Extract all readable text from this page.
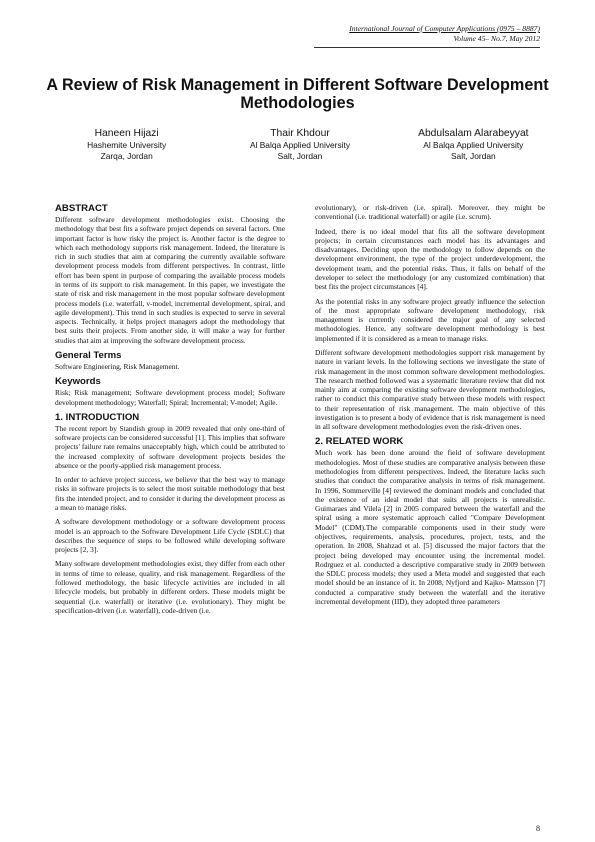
International Journal of Computer Applications (0975 – 8887)
Volume 45– No.7, May 2012
A Review of Risk Management in Different Software Development Methodologies
Haneen Hijazi
Hashemite University
Zarqa, Jordan
Thair Khdour
Al Balqa Applied University
Salt, Jordan
Abdulsalam Alarabeyyat
Al Balqa Applied University
Salt, Jordan
ABSTRACT

Different software development methodologies exist. Choosing the methodology that best fits a software project depends on several factors. One important factor is how risky the project is. Another factor is the degree to which each methodology supports risk management. Indeed, the literature is rich in such studies that aim at comparing the currently available software development process models from different perspectives. In contrast, little effort has been spent in purpose of comparing the available process models in terms of its support to risk management. In this paper, we investigate the state of risk and risk management in the most popular software development process models (i.e. waterfall, v-model, incremental development, spiral, and agile development). This trend in such studies is expected to serve in several aspects. Technically, it helps project managers adopt the methodology that best suits their projects. From another side, it will make a way for further studies that aim at improving the software development process.

General Terms

Software Engineering, Risk Management.

Keywords

Risk; Risk management; Software development process model; Software development methodology; Waterfall; Spiral; Incremental; V-model; Agile.

1. INTRODUCTION

The recent report by Standish group in 2009 revealed that only one-third of software projects can be considered successful [1]. This implies that software projects' failure rate remains unacceptably high, which could be attributed to the increased complexity of software development projects besides the absence or the poorly-applied risk management process.

In order to achieve project success, we believe that the best way to manage risks in software projects is to select the most suitable methodology that best fits the intended project, and to consider it during the development process as a mean to manage risks.

A software development methodology or a software development process model is an approach to the Software Development Life Cycle (SDLC) that describes the sequence of steps to be followed while developing software projects [2, 3].

Many software development methodologies exist, they differ from each other in terms of time to release, quality, and risk management. Regardless of the followed methodology, the basic lifecycle activities are included in all lifecycle models, but probably in different orders. These models might be sequential (i.e. waterfall) or iterative (i.e. evolutionary). They might be specification-driven (i.e. waterfall), code-driven (i.e.

evolutionary), or risk-driven (i.e. spiral). Moreover, they might be conventional (i.e. traditional waterfall) or agile (i.e. scrum).

Indeed, there is no ideal model that fits all the software development projects; in certain circumstances each model has its advantages and disadvantages. Deciding upon the methodology to follow depends on the development environment, the type of the project underdevelopment, the development team, and the potential risks. Thus, it falls on behalf of the developer to select the methodology (or any customized combination) that best fits the project circumstances [4].

As the potential risks in any software project greatly influence the selection of the most appropriate software development methodology, risk management is currently considered the major goal of any selected methodologies. Hence, any software development methodology is best implemented if it is considered as a mean to manage risks.

Different software development methodologies support risk management by nature in variant levels. In the following sections we investigate the state of risk management in the most common software development methodologies. The research method followed was a systematic literature review that did not mainly aim at comparing the existing software development methodologies, rather to conduct this comparative study between these models with respect to their representation of risk management. The main objective of this investigation is to present a body of evidence that is risk management is need in all software development methodologies even the risk-driven ones.

2. RELATED WORK

Much work has been done around the field of software development methodologies. Most of these studies are comparative analysis between these methodologies from different perspectives. Indeed, the literature lacks such studies that conduct the comparative analysis in terms of risk management. In 1996, Sommerville [4] reviewed the dominant models and concluded that the existence of an ideal model that suits all projects is unrealistic. Guimaraes and Vilela [2] in 2005 compared between the waterfall and the spiral using a more systematic approach called "Compare Development Model" (CDM).The comparable components used in their study were objectives, requirements, analysis, procedures, project, tests, and the operation. In 2008, Shahzad et al. [5] discussed the major factors that the project being developed may encounter using the incremental model. Rodrguez et al. conducted a descriptive comparative study in 2009 between the SDLC process models; they used a Meta model and suggested that each model should be an instance of it. In 2008, Nyfjord and Kajko- Mattsson [7] conducted a comparative study between the waterfall and the iterative incremental development (IID), they adopted three parameters

8
